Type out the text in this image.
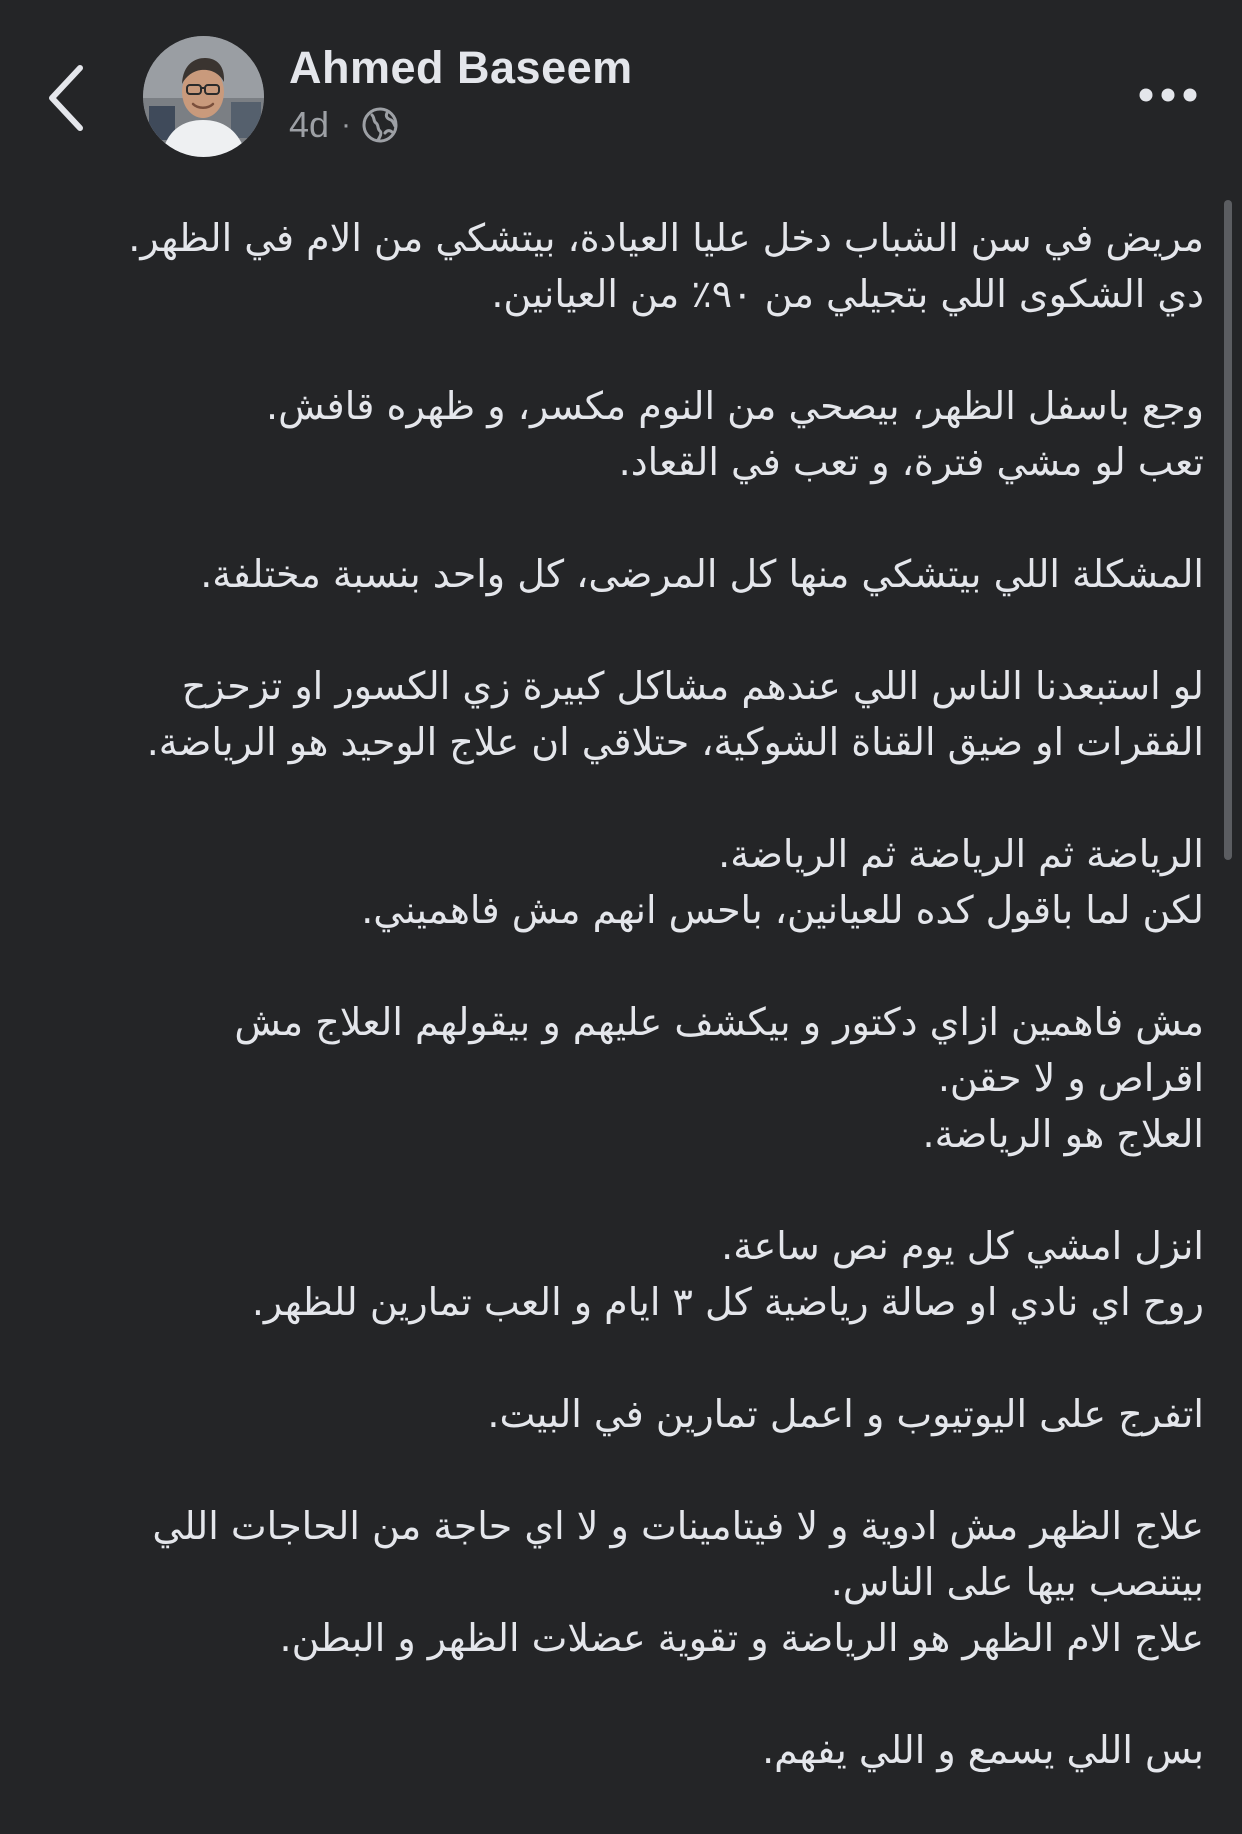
Ahmed Baseem
4d ·
مريض في سن الشباب دخل عليا العيادة، بيتشكي من الام في الظهر.
دي الشكوى اللي بتجيلي من ٩٠٪ من العيانين.
وجع باسفل الظهر، بيصحي من النوم مكسر، و ظهره قافش.
تعب لو مشي فترة، و تعب في القعاد.
المشكلة اللي بيتشكي منها كل المرضى، كل واحد بنسبة مختلفة.
لو استبعدنا الناس اللي عندهم مشاكل كبيرة زي الكسور او تزحزح
الفقرات او ضيق القناة الشوكية، حتلاقي ان علاج الوحيد هو الرياضة.
الرياضة ثم الرياضة ثم الرياضة.
لكن لما باقول كده للعيانين، باحس انهم مش فاهميني.
مش فاهمين ازاي دكتور و بيكشف عليهم و بيقولهم العلاج مش
اقراص و لا حقن.
العلاج هو الرياضة.
انزل امشي كل يوم نص ساعة.
روح اي نادي او صالة رياضية كل ٣ ايام و العب تمارين للظهر.
اتفرج على اليوتيوب و اعمل تمارين في البيت.
علاج الظهر مش ادوية و لا فيتامينات و لا اي حاجة من الحاجات اللي
بيتنصب بيها على الناس.
علاج الام الظهر هو الرياضة و تقوية عضلات الظهر و البطن.
بس اللي يسمع و اللي يفهم.
